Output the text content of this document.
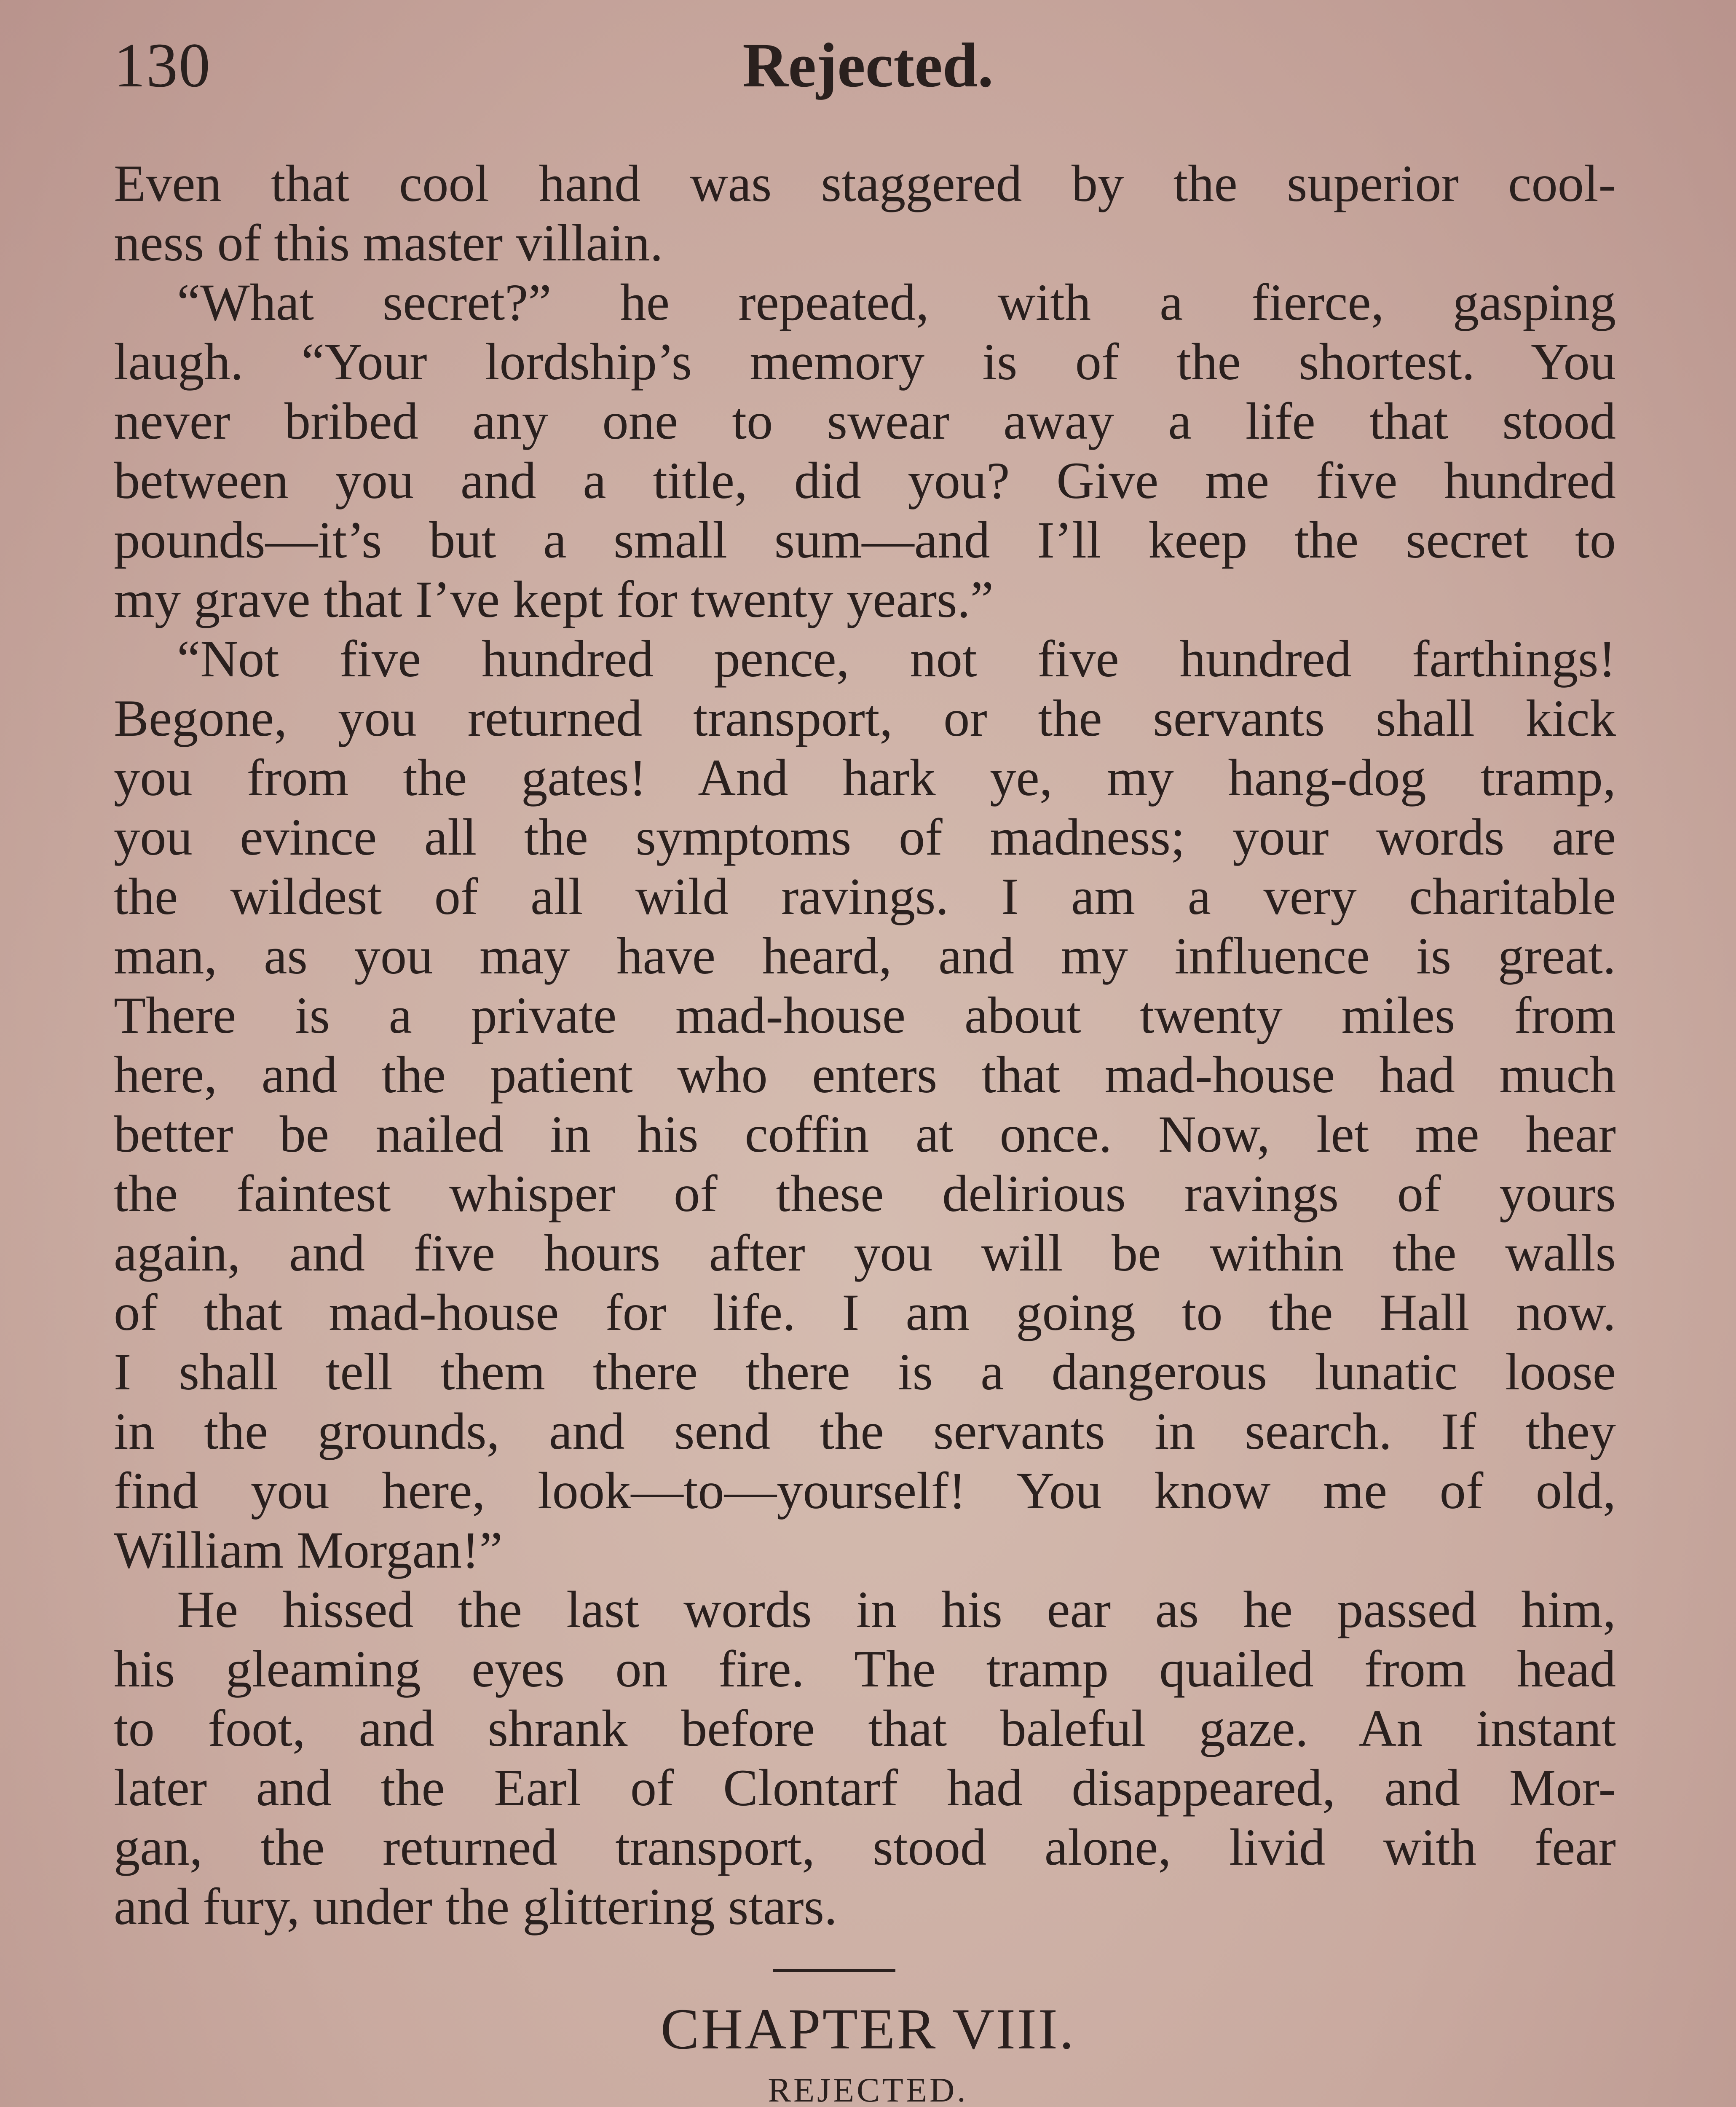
130	Rejected.
Even that cool hand was staggered by the superior cool-
ness of this master villain.
“What secret?” he repeated, with a fierce, gasping
laugh. “Your lordship’s memory is of the shortest. You
never bribed any one to swear away a life that stood
between you and a title, did you? Give me five hundred
pounds—it’s but a small sum—and I’ll keep the secret to
my grave that I’ve kept for twenty years.”
“Not five hundred pence, not five hundred farthings!
Begone, you returned transport, or the servants shall kick
you from the gates! And hark ye, my hang-dog tramp,
you evince all the symptoms of madness; your words are
the wildest of all wild ravings. I am a very charitable
man, as you may have heard, and my influence is great.
There is a private mad-house about twenty miles from
here, and the patient who enters that mad-house had much
better be nailed in his coffin at once. Now, let me hear
the faintest whisper of these delirious ravings of yours
again, and five hours after you will be within the walls
of that mad-house for life. I am going to the Hall now.
I shall tell them there there is a dangerous lunatic loose
in the grounds, and send the servants in search. If they
find you here, look—to—yourself! You know me of old,
William Morgan!”
He hissed the last words in his ear as he passed him,
his gleaming eyes on fire. The tramp quailed from head
to foot, and shrank before that baleful gaze. An instant
later and the Earl of Clontarf had disappeared, and Mor-
gan, the returned transport, stood alone, livid with fear
and fury, under the glittering stars.
CHAPTER VIII.
REJECTED.
